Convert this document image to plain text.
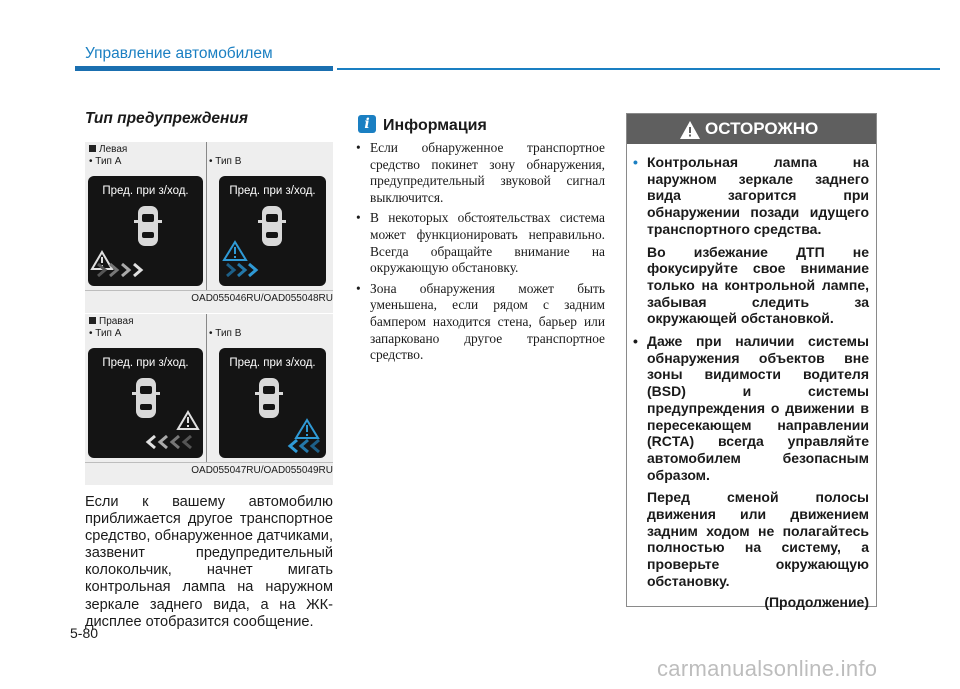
Управление автомобилем
Тип предупреждения
Левая
• Тип A	• Тип B
Пред. при з/ход.	Пред. при з/ход.
OAD055046RU/OAD055048RU
Правая
• Тип A	• Тип B
Пред. при з/ход.	Пред. при з/ход.
OAD055047RU/OAD055049RU
Если к вашему автомобилю приближается другое транспортное средство, обнаруженное датчиками, зазвенит предупредительный колокольчик, начнет мигать контрольная лампа на наружном зеркале заднего вида, а на ЖК-дисплее отобразится сообщение.
5-80
i Информация
• Если обнаруженное транспортное средство покинет зону обнаружения, предупредительный звуковой сигнал выключится.
• В некоторых обстоятельствах система может функционировать неправильно. Всегда обращайте внимание на окружающую обстановку.
• Зона обнаружения может быть уменьшена, если рядом с задним бампером находится стена, барьер или запарковано другое транспортное средство.
ОСТОРОЖНО
• Контрольная лампа на наружном зеркале заднего вида загорится при обнаружении позади идущего транспортного средства.
Во избежание ДТП не фокусируйте свое внимание только на контрольной лампе, забывая следить за окружающей обстановкой.
• Даже при наличии системы обнаружения объектов вне зоны видимости водителя (BSD) и системы предупреждения о движении в пересекающем направлении (RCTA) всегда управляйте автомобилем безопасным образом.
Перед сменой полосы движения или движением задним ходом не полагайтесь полностью на систему, а проверьте окружающую обстановку.
(Продолжение)
carmanualsonline.info
